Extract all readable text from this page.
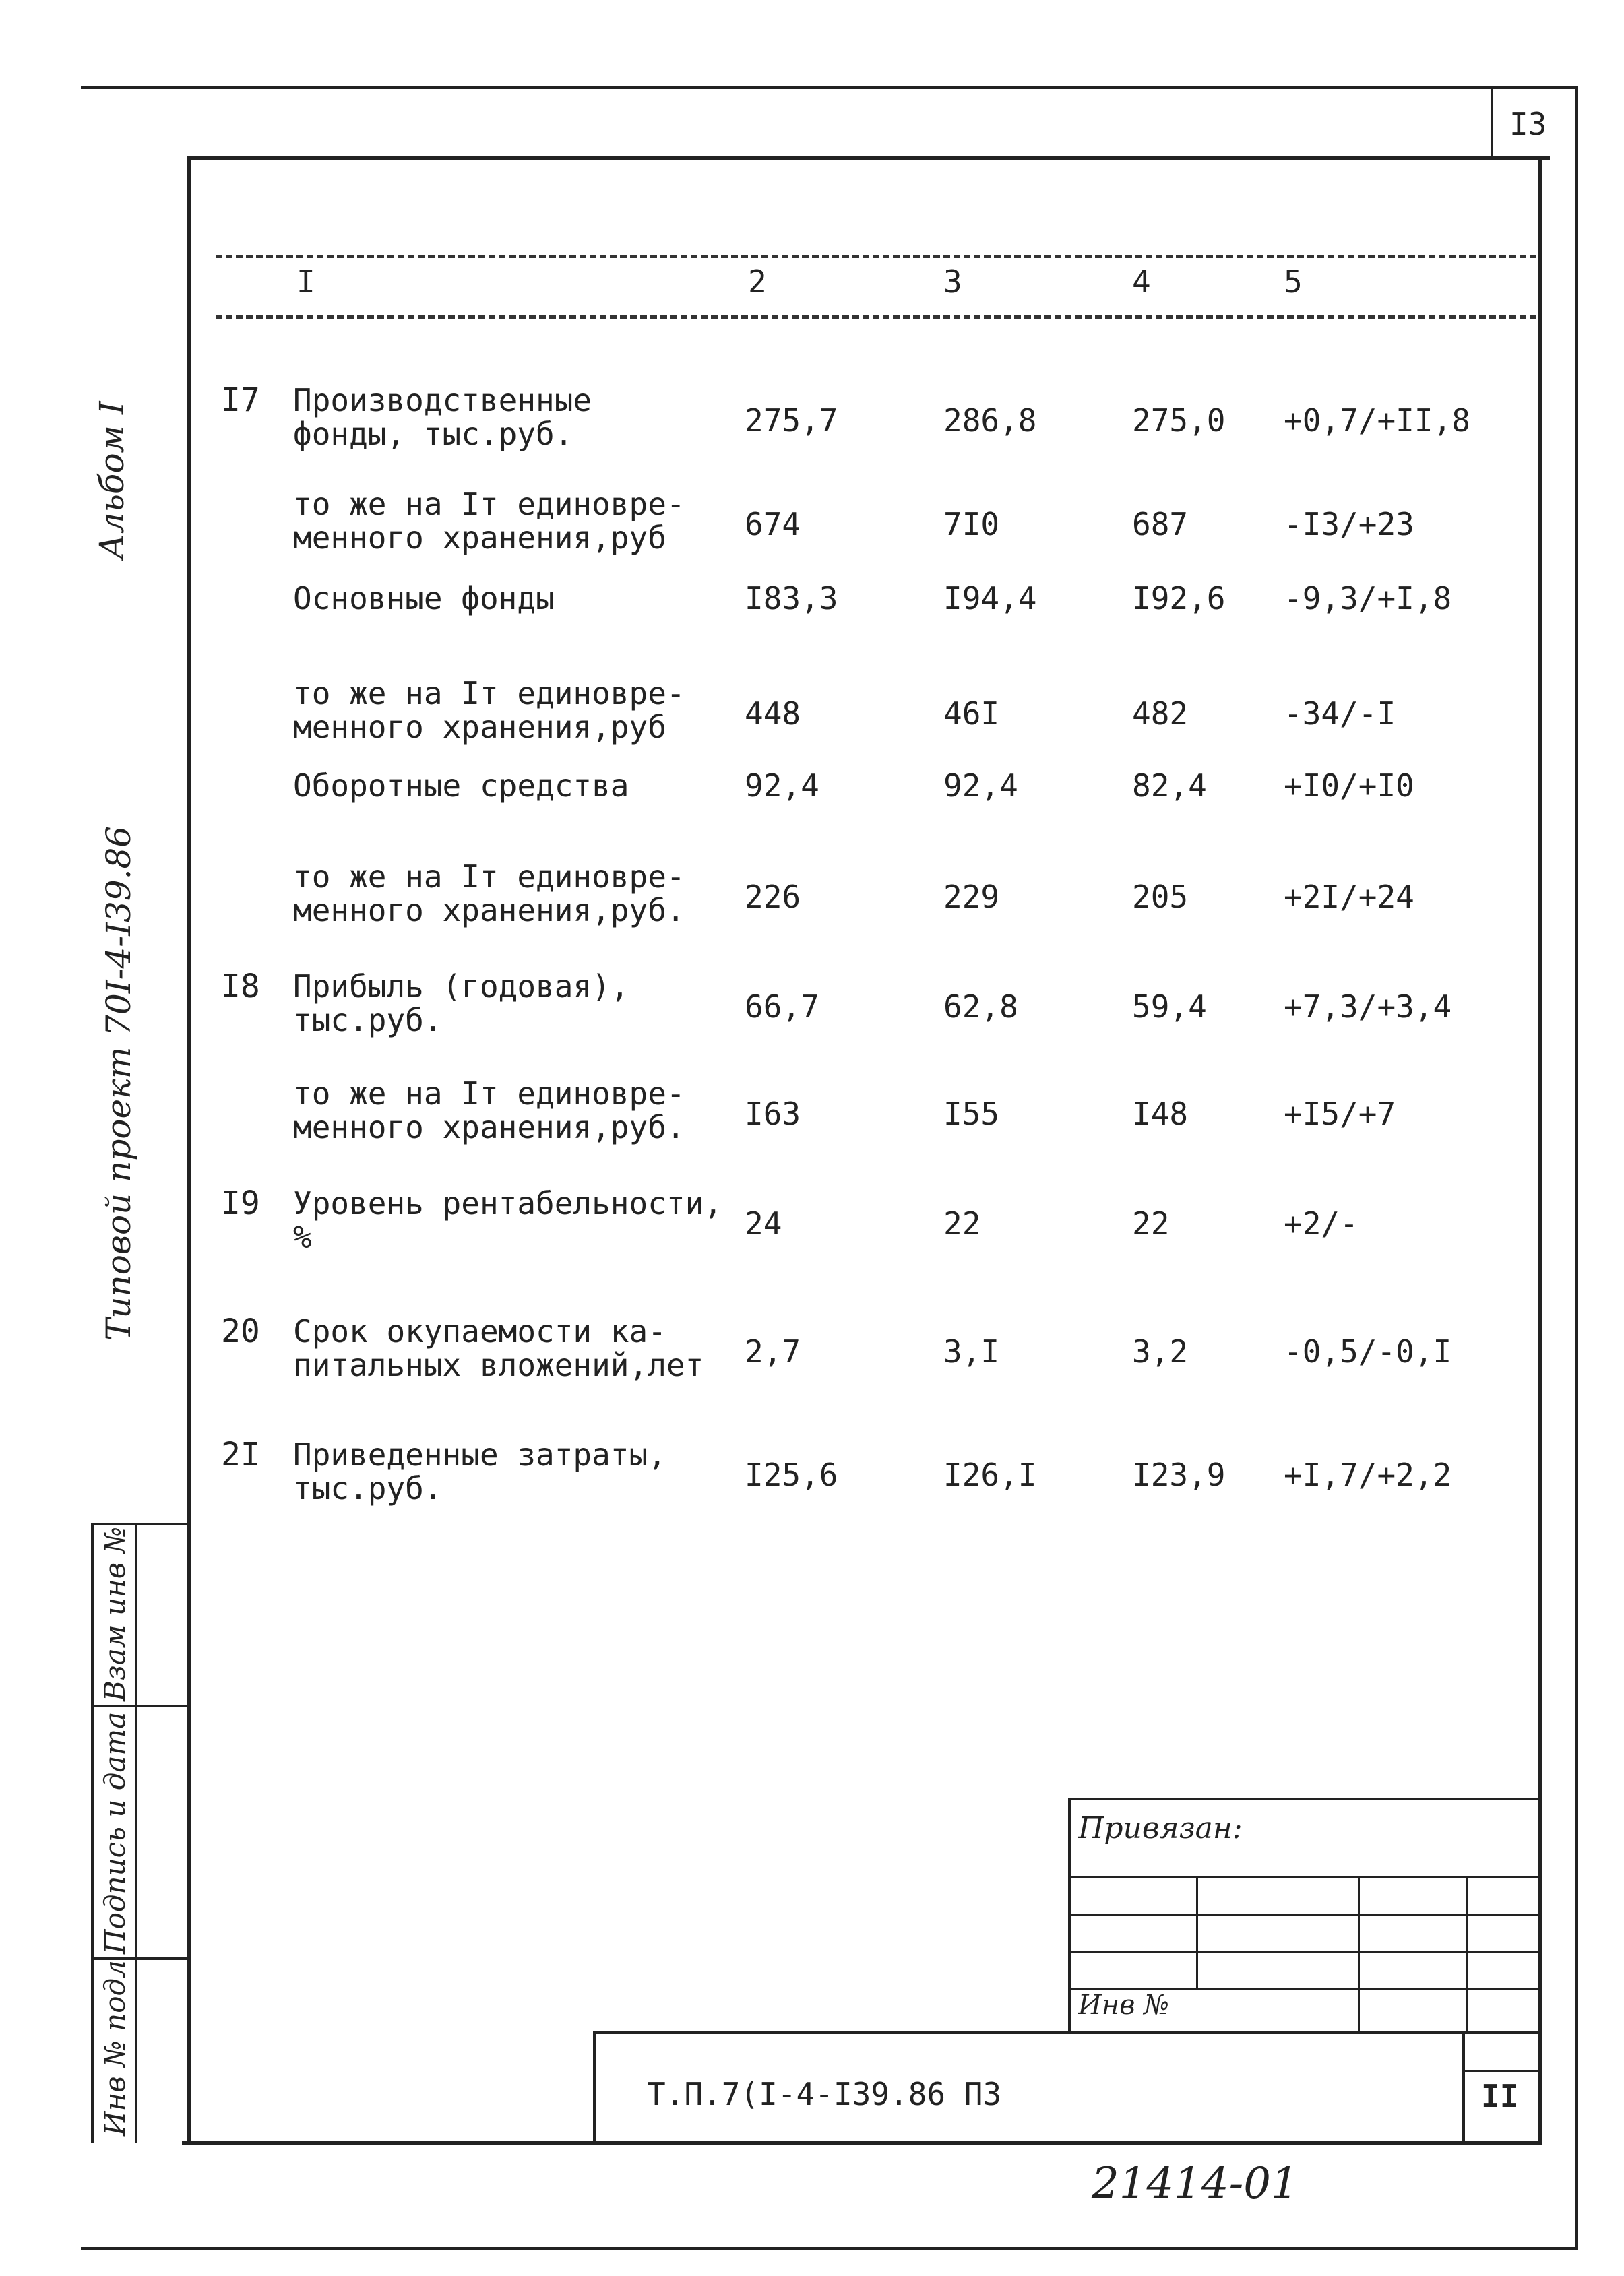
I3
Альбом I
Типовой проект 70I-4-I39.86
Инв № подл
Подпись и дата
Взам инв №
I	2	3	4	5
I7 Производственные
фонды, тыс.руб.	275,7	286,8	275,0 +0,7/+II,8
то же на Iт единовре-
менного хранения,руб	674	7I0	687	-I3/+23
Основные фонды	I83,3	I94,4	I92,6 -9,3/+I,8
то же на Iт единовре-
менного хранения,руб	448	46I	482	-34/-I
Оборотные средства	92,4	92,4	82,4 +I0/+I0
то же на Iт единовре-
менного хранения,руб. 226	229	205	+2I/+24
I8 Прибыль (годовая),
тыс.руб.	66,7	62,8	59,4 +7,3/+3,4
то же на Iт единовре-
менного хранения,руб. I63	I55	I48	+I5/+7
I9 Уровень рентабельности,
%	24	22	22	+2/-
20 Срок окупаемости ка-
питальных вложений,лет 2,7	3,I	3,2	-0,5/-0,I
2I Приведенные затраты,
тыс.руб.	I25,6	I26,I	I23,9 +I,7/+2,2
Привязан:
Инв №
Т.П.7(I-4-I39.86 ПЗ	II
21414-01
